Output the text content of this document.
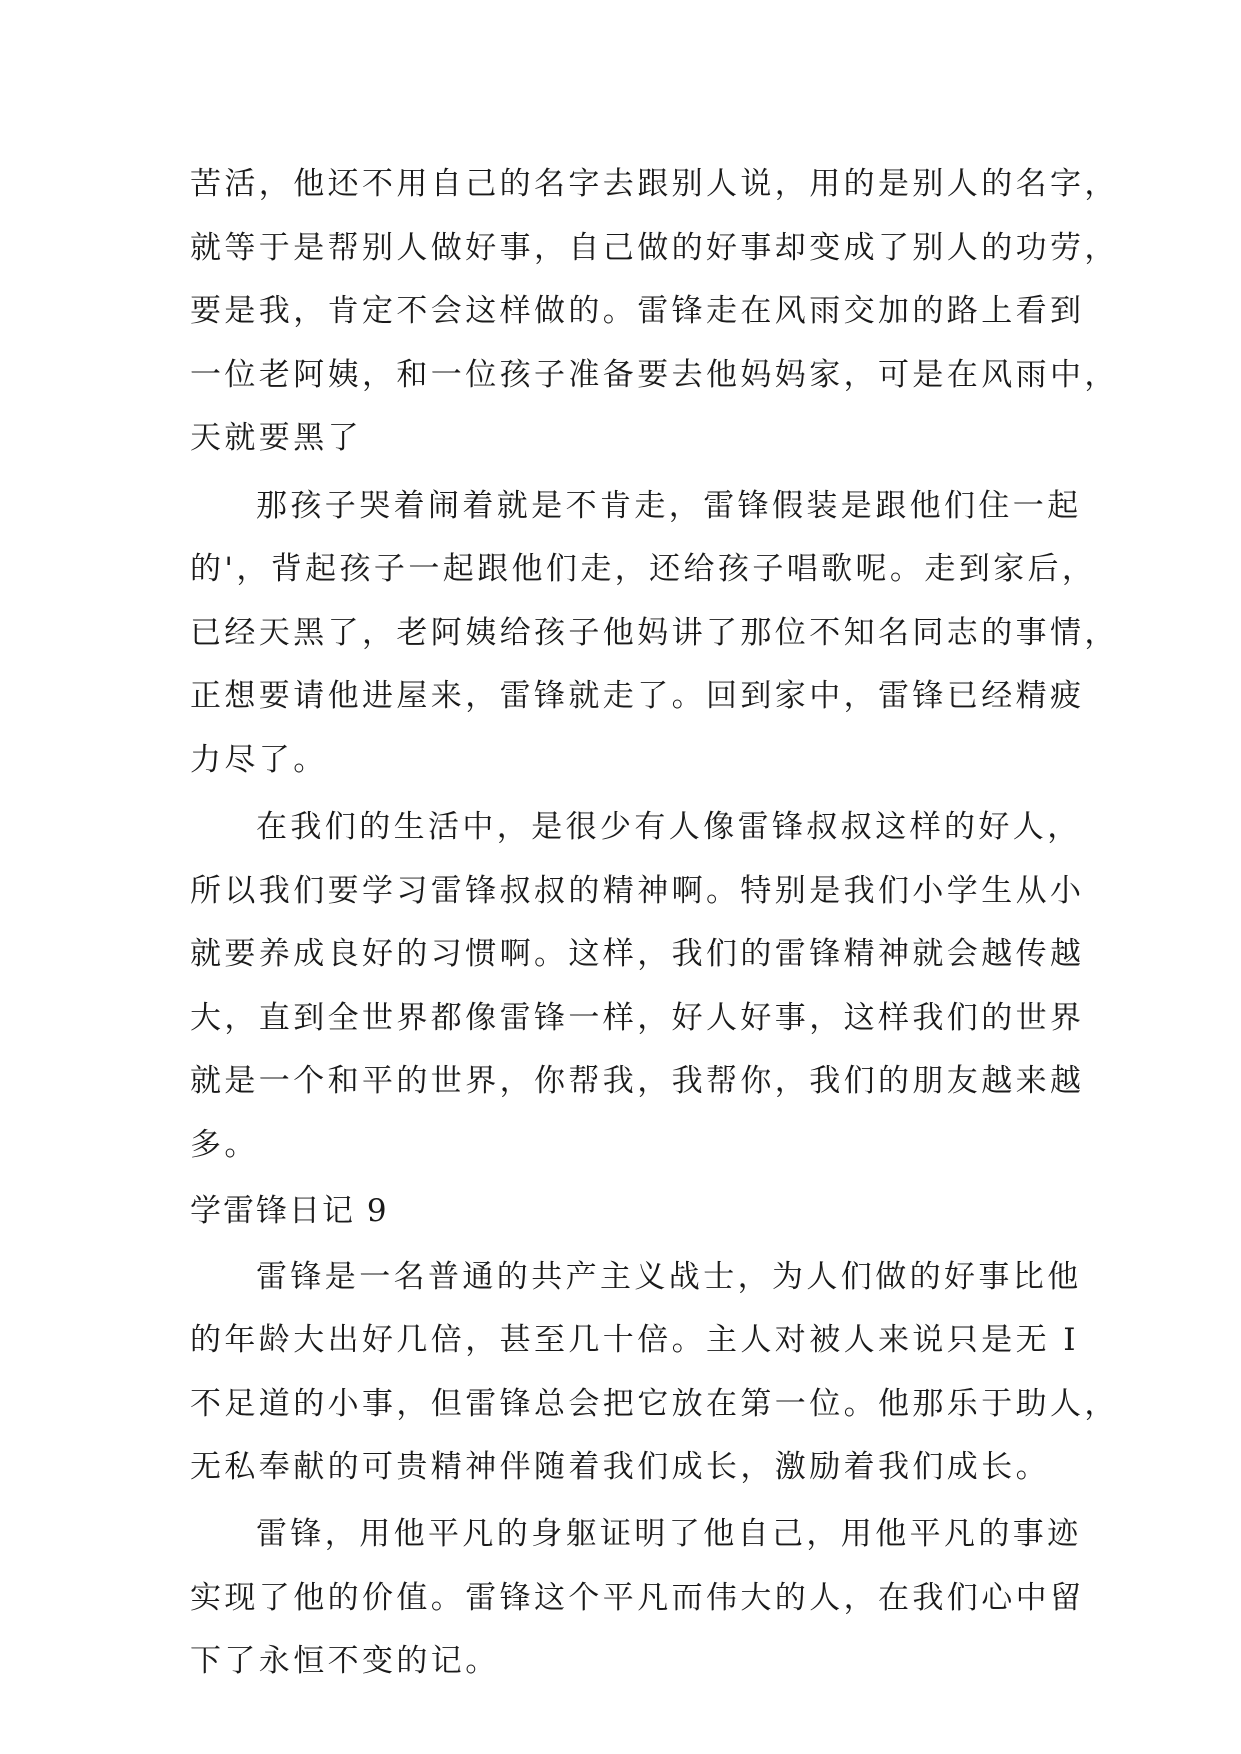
苦活，他还不用自己的名字去跟别人说，用的是别人的名字，

就等于是帮别人做好事，自己做的好事却变成了别人的功劳，

要是我，肯定不会这样做的。雷锋走在风雨交加的路上看到

一位老阿姨，和一位孩子准备要去他妈妈家，可是在风雨中，

天就要黑了

那孩子哭着闹着就是不肯走，雷锋假装是跟他们住一起

的'，背起孩子一起跟他们走，还给孩子唱歌呢。走到家后，

已经天黑了，老阿姨给孩子他妈讲了那位不知名同志的事情，

正想要请他进屋来，雷锋就走了。回到家中，雷锋已经精疲

力尽了。

在我们的生活中，是很少有人像雷锋叔叔这样的好人，

所以我们要学习雷锋叔叔的精神啊。特别是我们小学生从小

就要养成良好的习惯啊。这样，我们的雷锋精神就会越传越

大，直到全世界都像雷锋一样，好人好事，这样我们的世界

就是一个和平的世界，你帮我，我帮你，我们的朋友越来越

多。

学雷锋日记 9

雷锋是一名普通的共产主义战士，为人们做的好事比他

的年龄大出好几倍，甚至几十倍。主人对被人来说只是无 I

不足道的小事，但雷锋总会把它放在第一位。他那乐于助人，

无私奉献的可贵精神伴随着我们成长，激励着我们成长。

雷锋，用他平凡的身躯证明了他自己，用他平凡的事迹

实现了他的价值。雷锋这个平凡而伟大的人，在我们心中留

下了永恒不变的记。
